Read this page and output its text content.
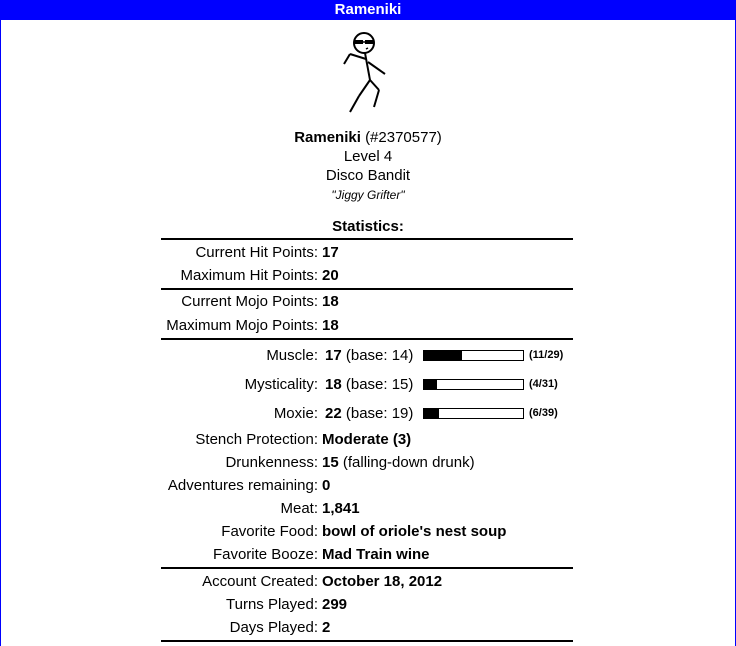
Rameniki
Rameniki (#2370577)
Level 4
Disco Bandit
"Jiggy Grifter"
Statistics:
Current Hit Points: 17
Maximum Hit Points: 20
Current Mojo Points: 18
Maximum Mojo Points: 18
Muscle: 17 (base: 14)	(11/29)
Mysticality: 18 (base: 15)	(4/31)
Moxie: 22 (base: 19)	(6/39)
Stench Protection: Moderate (3)
Drunkenness: 15 (falling-down drunk)
Adventures remaining: 0
Meat: 1,841
Favorite Food: bowl of oriole's nest soup
Favorite Booze: Mad Train wine
Account Created: October 18, 2012
Turns Played: 299
Days Played: 2
